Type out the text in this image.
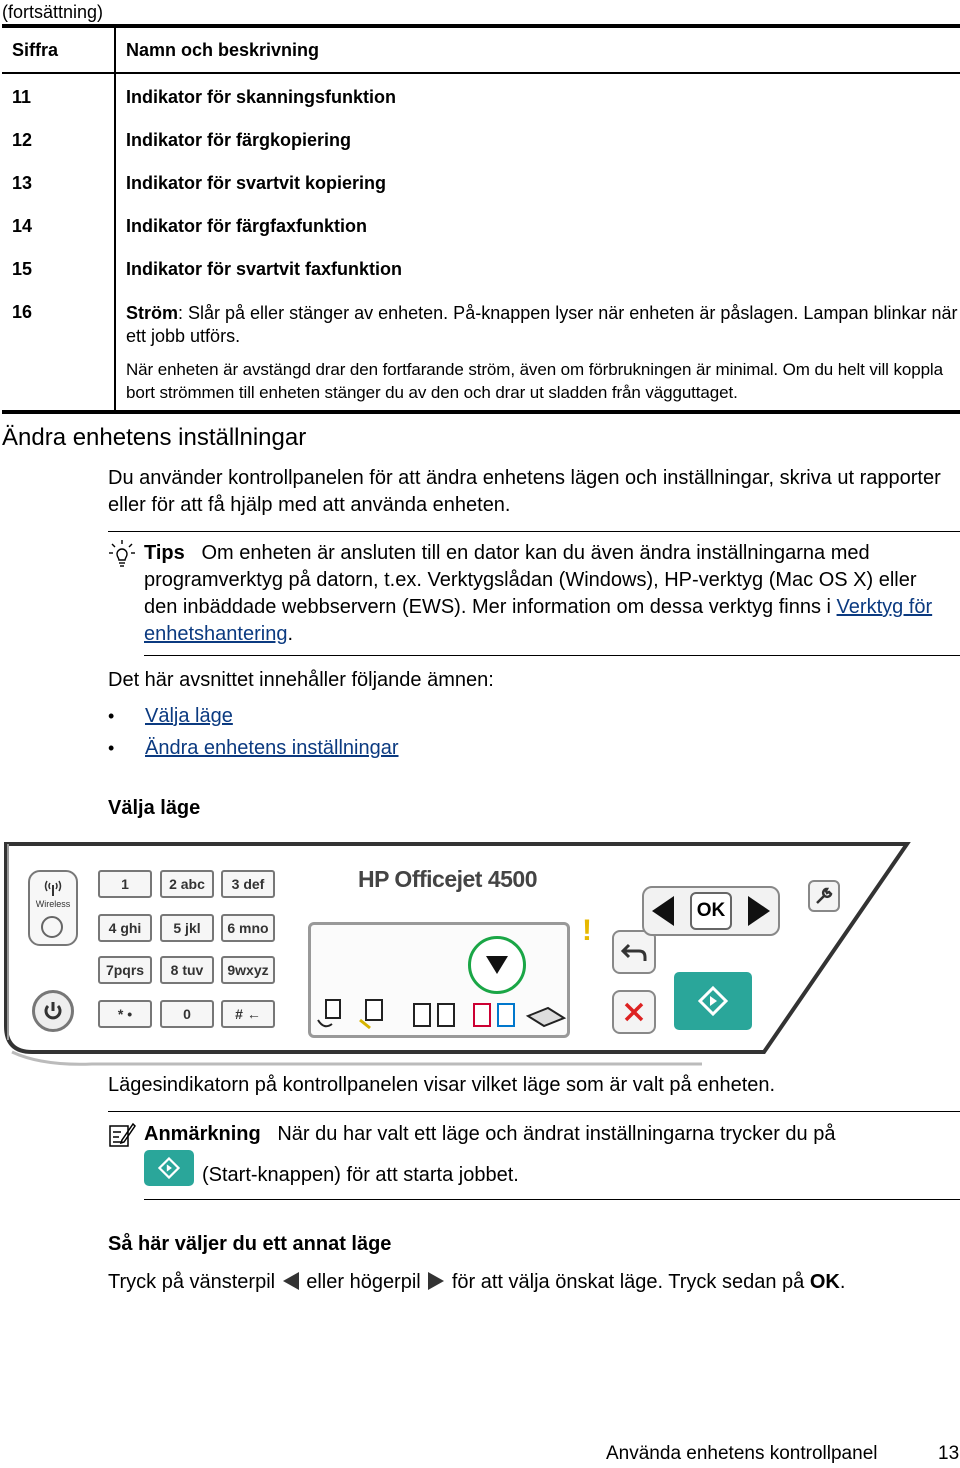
(fortsättning)
Siffra	Namn och beskrivning
11	Indikator för skanningsfunktion
12	Indikator för färgkopiering
13	Indikator för svartvit kopiering
14	Indikator för färgfaxfunktion
15	Indikator för svartvit faxfunktion
16	Ström: Slår på eller stänger av enheten. På-knappen lyser när enheten är påslagen. Lampan blinkar när ett jobb utförs.

När enheten är avstängd drar den fortfarande ström, även om förbrukningen är minimal. Om du helt vill koppla bort strömmen till enheten stänger du av den och drar ut sladden från vägguttaget.

Ändra enhetens inställningar
Du använder kontrollpanelen för att ändra enhetens lägen och inställningar, skriva ut rapporter eller för att få hjälp med att använda enheten.
Tips Om enheten är ansluten till en dator kan du även ändra inställningarna med programverktyg på datorn, t.ex. Verktygslådan (Windows), HP-verktyg (Mac OS X) eller den inbäddade webbservern (EWS). Mer information om dessa verktyg finns i Verktyg för enhetshantering.
Det här avsnittet innehåller följande ämnen:
• Välja läge
• Ändra enhetens inställningar
Välja läge
Wireless
1	2 abc	3 def
4 ghi	5 jkl	6 mno
7pqrs	8 tuv	9wxyz
* •	0	# ←
HP Officejet 4500
!
OK
Lägesindikatorn på kontrollpanelen visar vilket läge som är valt på enheten.
Anmärkning När du har valt ett läge och ändrat inställningarna trycker du på
(Start-knappen) för att starta jobbet.
Så här väljer du ett annat läge
Tryck på vänsterpil eller högerpil för att välja önskat läge. Tryck sedan på OK.
Använda enhetens kontrollpanel	13
